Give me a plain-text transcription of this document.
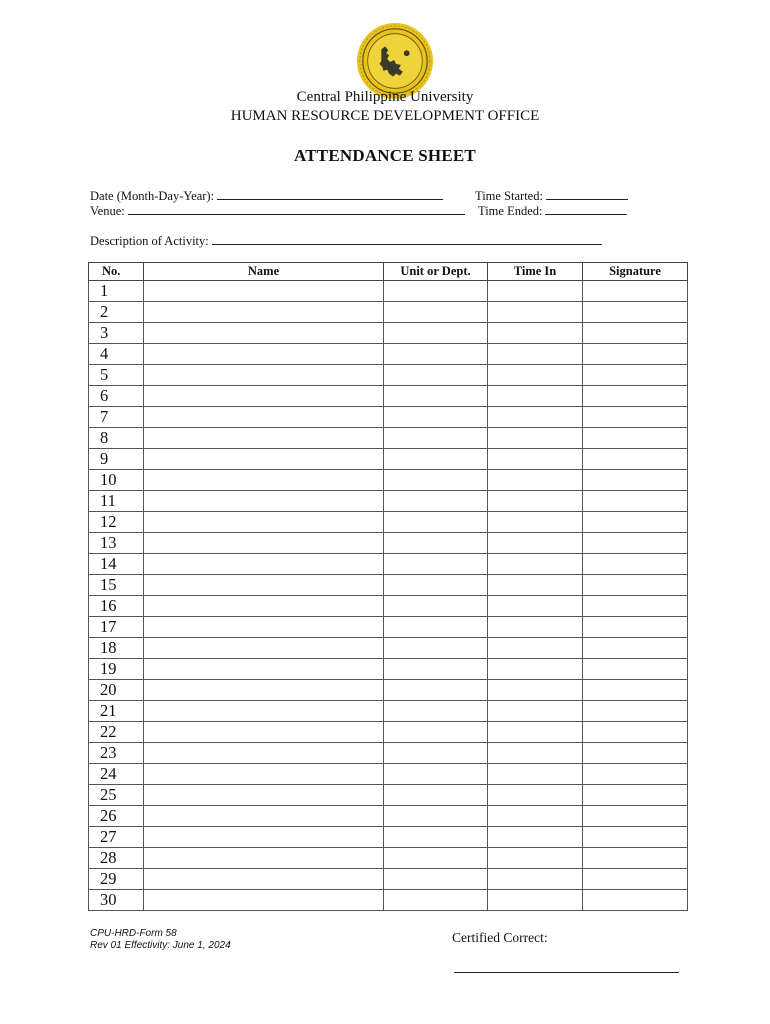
Central Philippine University
HUMAN RESOURCE DEVELOPMENT OFFICE
ATTENDANCE SHEET
Date (Month-Day-Year):	Time Started:
Venue:	Time Ended:
Description of Activity:
No.	Name	Unit or Dept.	Time In	Signature
1				
2				
3				
4				
5				
6				
7				
8				
9				
10				
11				
12				
13				
14				
15				
16				
17				
18				
19				
20				
21				
22				
23				
24				
25				
26				
27				
28				
29				
30				
CPU-HRD-Form 58
Rev 01 Effectivity: June 1, 2024
Certified Correct:
